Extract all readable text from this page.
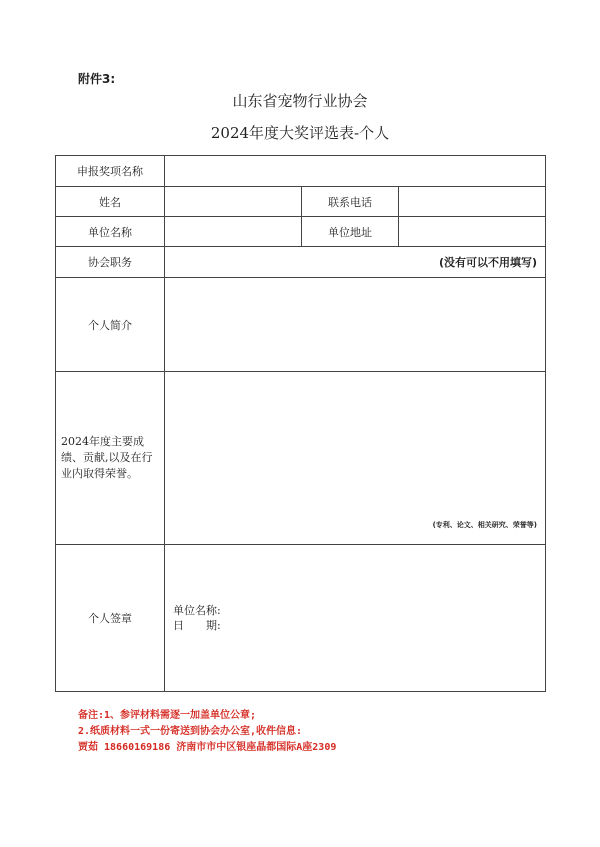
附件3:
山东省宠物行业协会
2024年度大奖评选表-个人
申报奖项名称			
姓名		联系电话	
单位名称		单位地址	
协会职务	(没有可以不用填写)		
个人简介			
2024年度主要成绩、贡献,以及在行业内取得荣誉。	(专利、论文、相关研究、荣誉等)		

个人签章	单位名称:
日　　期:		
备注:1、参评材料需逐一加盖单位公章;
2.纸质材料一式一份寄送到协会办公室,收件信息:
贾茹 18660169186 济南市市中区银座晶都国际A座2309
